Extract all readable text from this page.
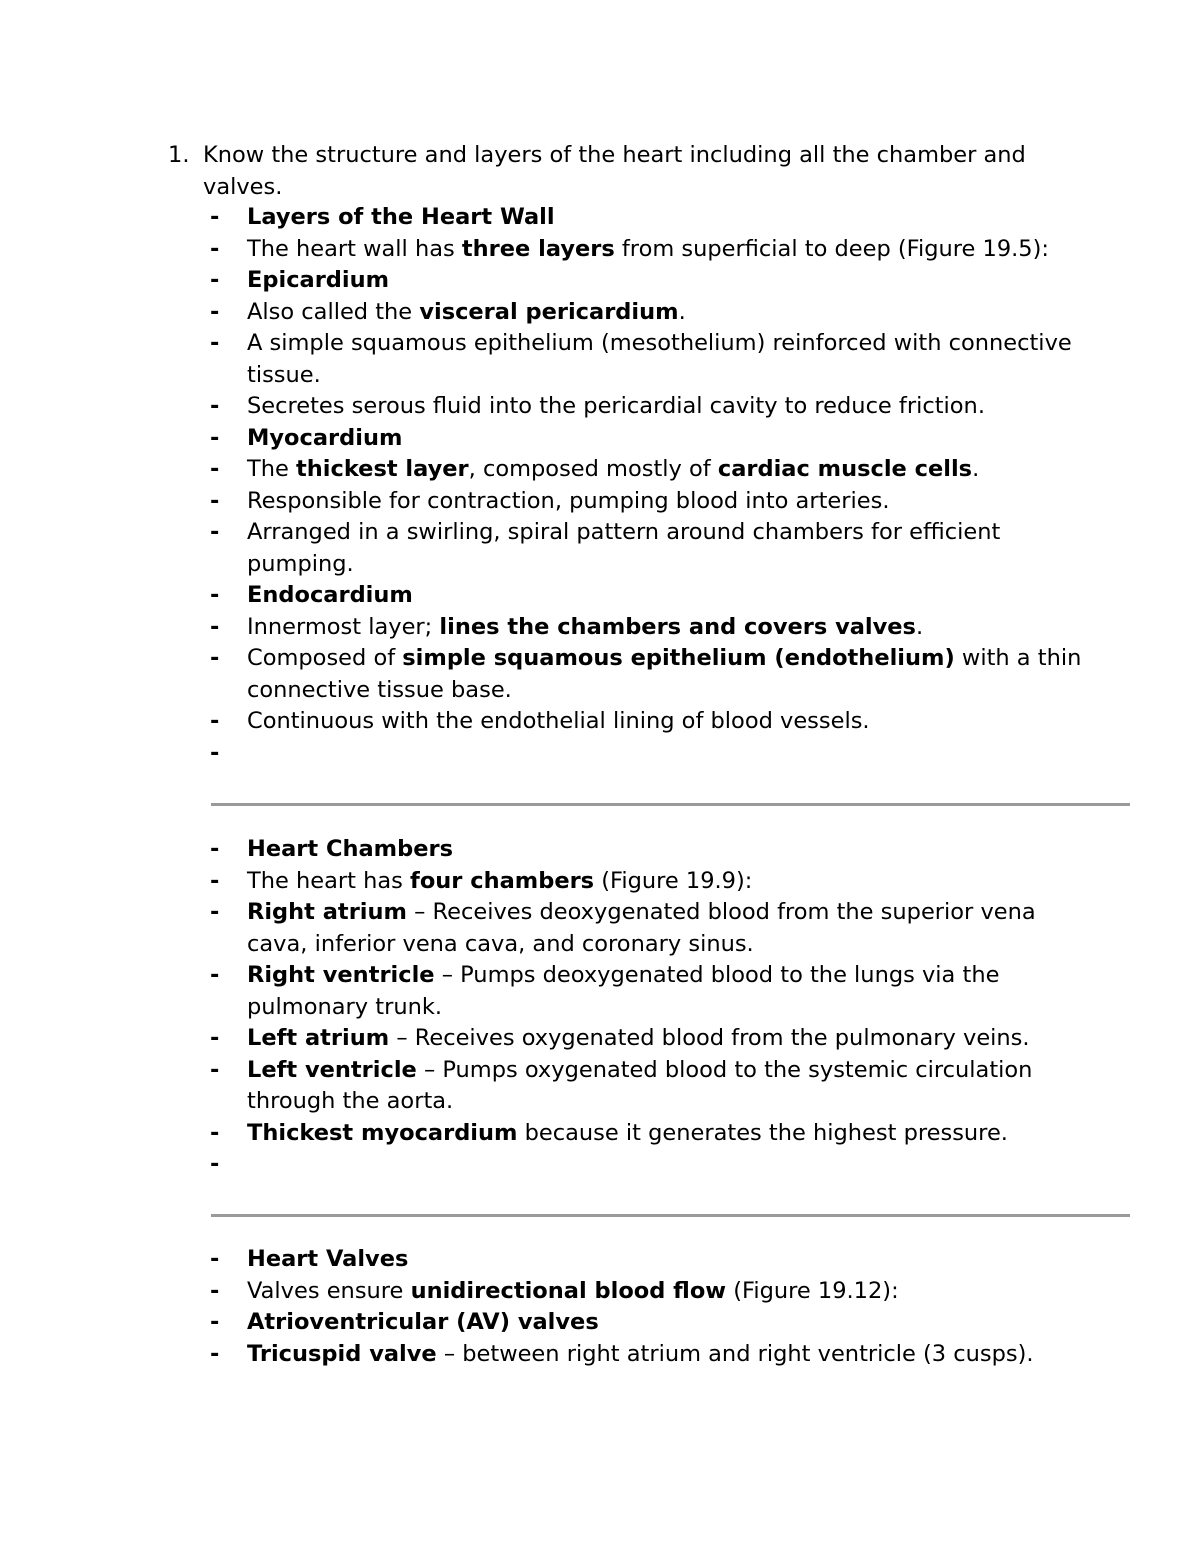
1. Know the structure and layers of the heart including all the chamber and valves.
- Layers of the Heart Wall
- The heart wall has three layers from superficial to deep (Figure 19.5):
- Epicardium
- Also called the visceral pericardium.
- A simple squamous epithelium (mesothelium) reinforced with connective tissue.
- Secretes serous fluid into the pericardial cavity to reduce friction.
- Myocardium
- The thickest layer, composed mostly of cardiac muscle cells.
- Responsible for contraction, pumping blood into arteries.
- Arranged in a swirling, spiral pattern around chambers for efficient pumping.
- Endocardium
- Innermost layer; lines the chambers and covers valves.
- Composed of simple squamous epithelium (endothelium) with a thin connective tissue base.
- Continuous with the endothelial lining of blood vessels.
-
- Heart Chambers
- The heart has four chambers (Figure 19.9):
- Right atrium – Receives deoxygenated blood from the superior vena cava, inferior vena cava, and coronary sinus.
- Right ventricle – Pumps deoxygenated blood to the lungs via the pulmonary trunk.
- Left atrium – Receives oxygenated blood from the pulmonary veins.
- Left ventricle – Pumps oxygenated blood to the systemic circulation through the aorta.
- Thickest myocardium because it generates the highest pressure.
-
- Heart Valves
- Valves ensure unidirectional blood flow (Figure 19.12):
- Atrioventricular (AV) valves
- Tricuspid valve – between right atrium and right ventricle (3 cusps).
